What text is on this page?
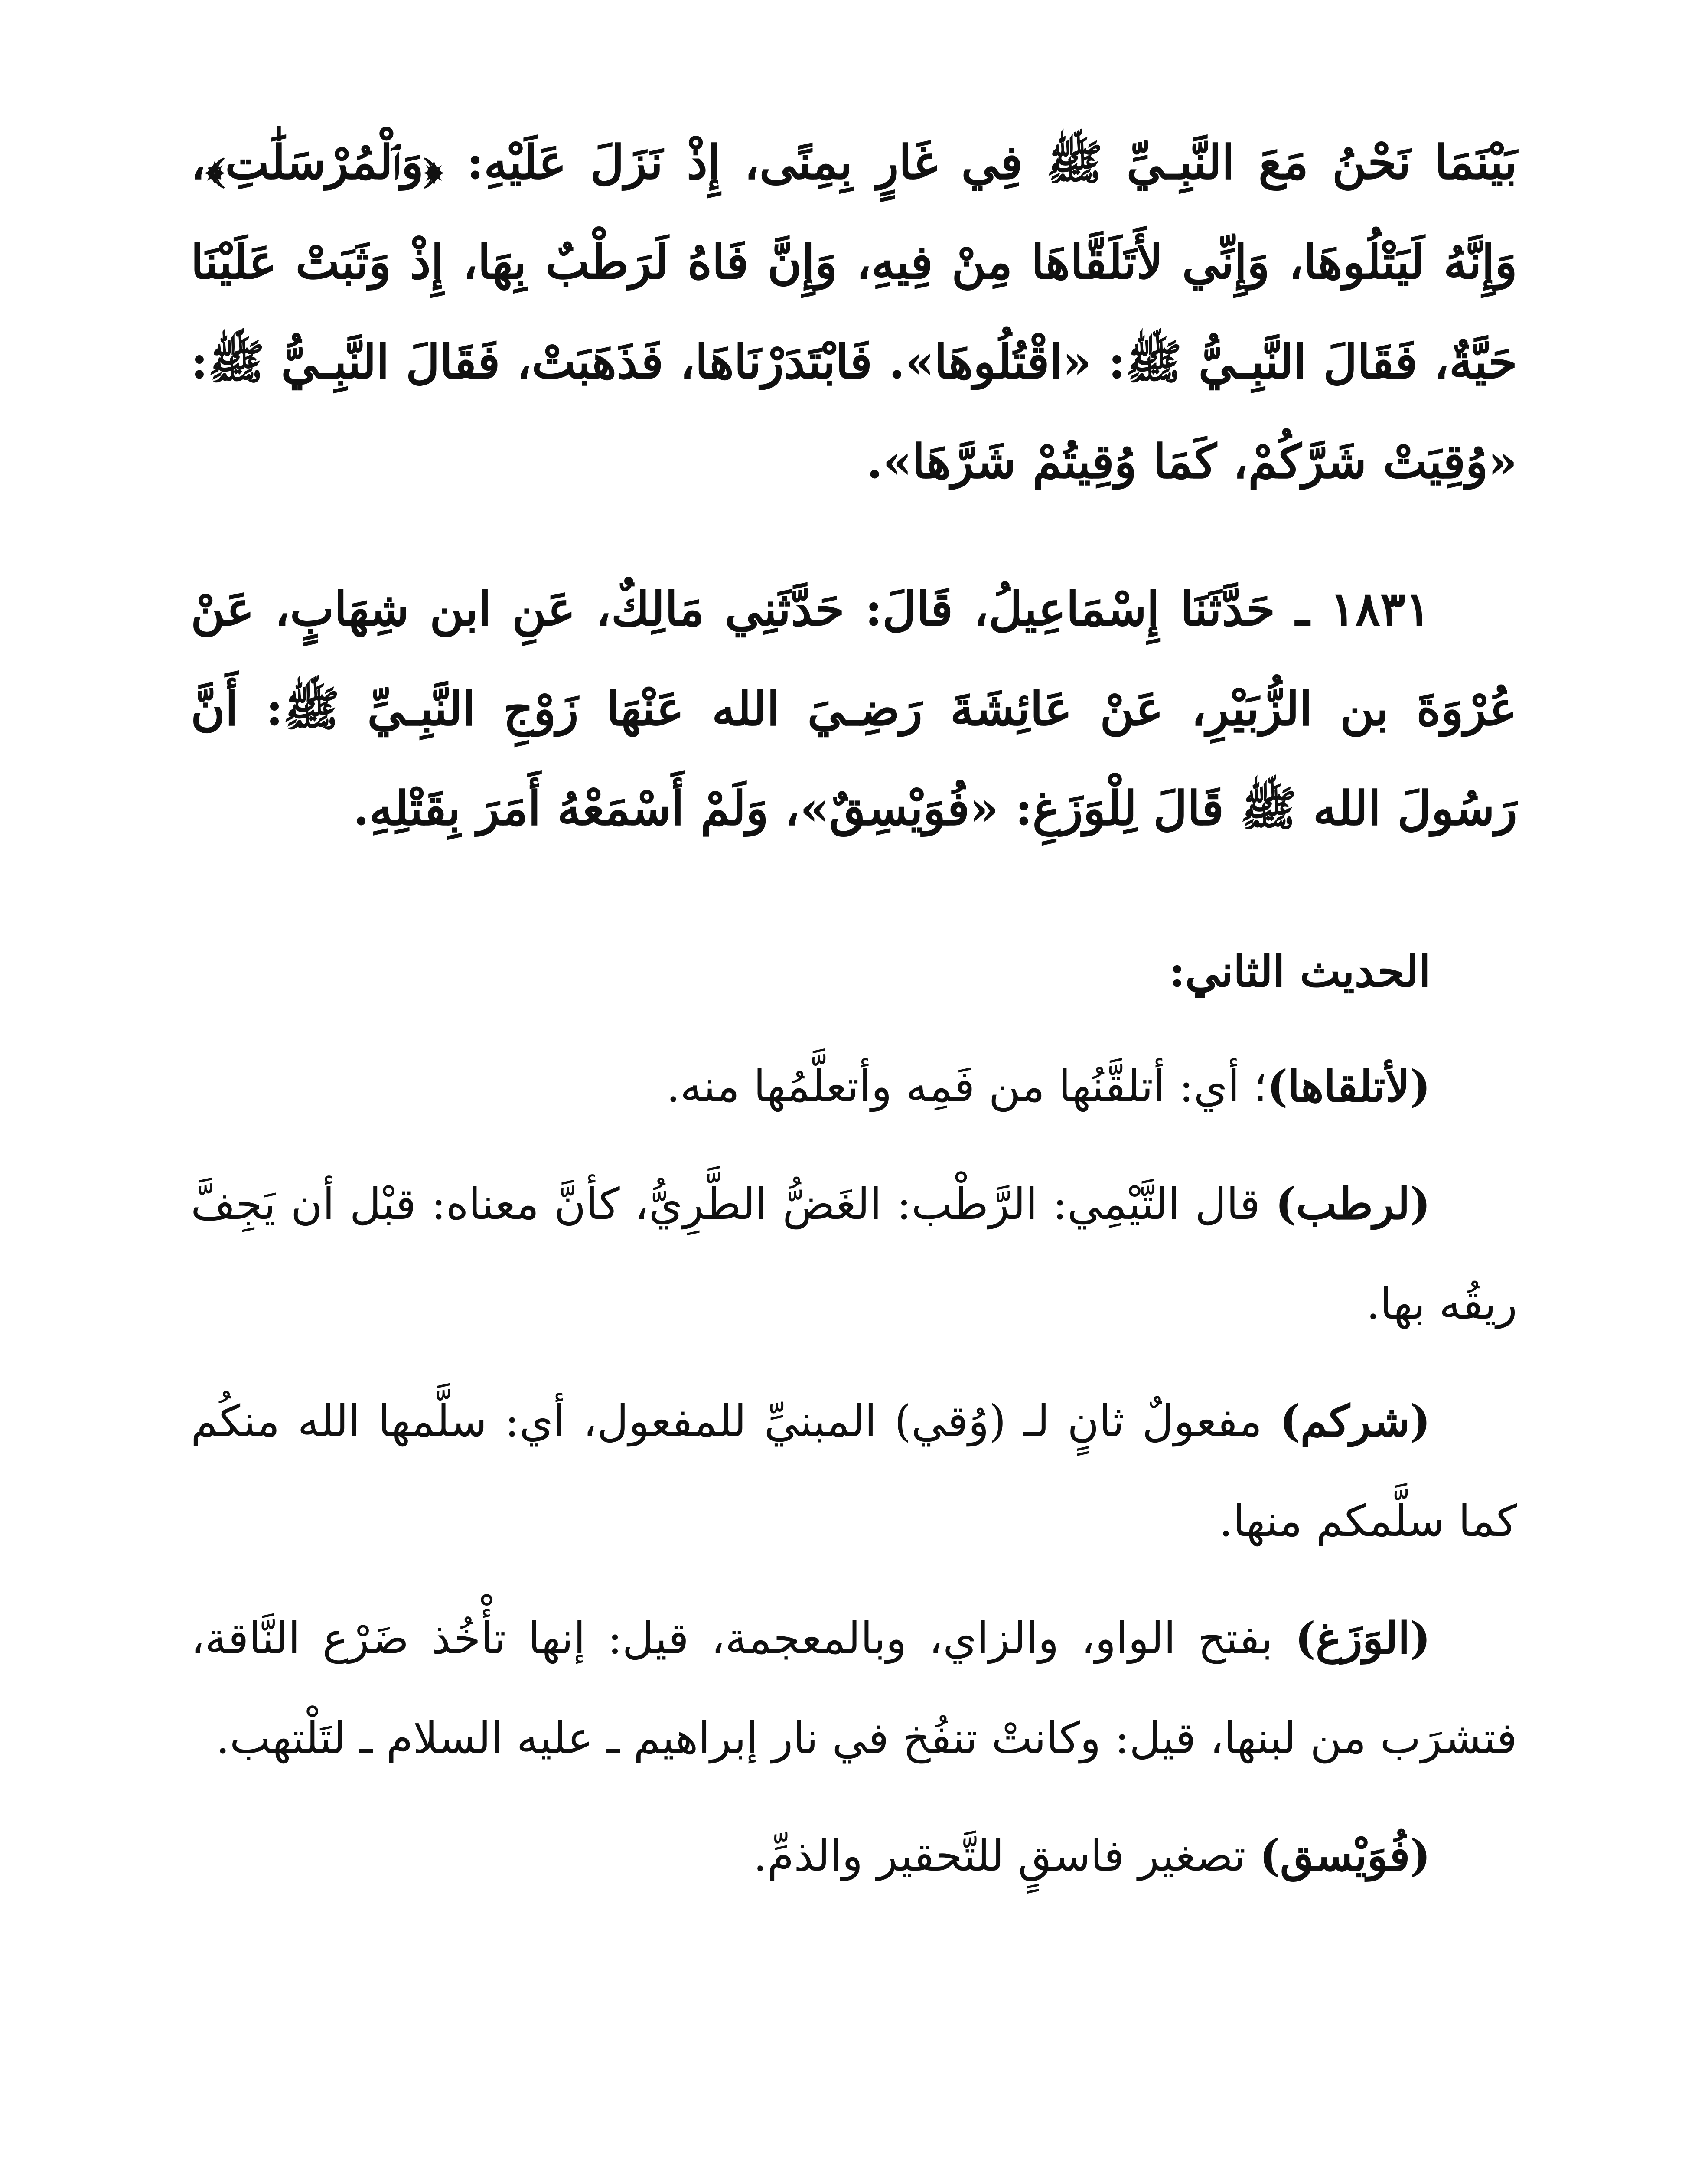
بَيْنَمَا نَحْنُ مَعَ النَّبِـيِّ ﷺ فِي غَارٍ بِمِنًى، إِذْ نَزَلَ عَلَيْهِ: ﴿وَٱلْمُرْسَلَٰتِ﴾، وَإِنَّهُ لَيَتْلُوهَا، وَإِنِّي لأَتَلَقَّاهَا مِنْ فِيهِ، وَإِنَّ فَاهُ لَرَطْبٌ بِهَا، إِذْ وَثَبَتْ عَلَيْنَا حَيَّةٌ، فَقَالَ النَّبِـيُّ ﷺ: «اقْتُلُوهَا». فَابْتَدَرْنَاهَا، فَذَهَبَتْ، فَقَالَ النَّبِـيُّ ﷺ: «وُقِيَتْ شَرَّكُمْ، كَمَا وُقِيتُمْ شَرَّهَا».

١٨٣١ ـ حَدَّثَنَا إِسْمَاعِيلُ، قَالَ: حَدَّثَنِي مَالِكٌ، عَنِ ابن شِهَابٍ، عَنْ عُرْوَةَ بن الزُّبَيْرِ، عَنْ عَائِشَةَ رَضِـيَ الله عَنْهَا زَوْجِ النَّبِـيِّ ﷺ: أَنَّ رَسُولَ الله ﷺ قَالَ لِلْوَزَغِ: «فُوَيْسِقٌ»، وَلَمْ أَسْمَعْهُ أَمَرَ بِقَتْلِهِ.

الحديث الثاني:

(لأتلقاها)؛ أي: أتلقَّنُها من فَمِه وأتعلَّمُها منه.

(لرطب) قال التَّيْمِي: الرَّطْب: الغَضُّ الطَّرِيُّ، كأنَّ معناه: قبْل أن يَجِفَّ ريقُه بها.

(شركم) مفعولٌ ثانٍ لـ (وُقي) المبنيِّ للمفعول، أي: سلَّمها الله منكُم كما سلَّمكم منها.

(الوَزَغ) بفتح الواو، والزاي، وبالمعجمة، قيل: إنها تأْخُذ ضَرْع النَّاقة، فتشرَب من لبنها، قيل: وكانتْ تنفُخ في نار إبراهيم ـ عليه السلام ـ لتَلْتهب.

(فُوَيْسق) تصغير فاسقٍ للتَّحقير والذمِّ.
